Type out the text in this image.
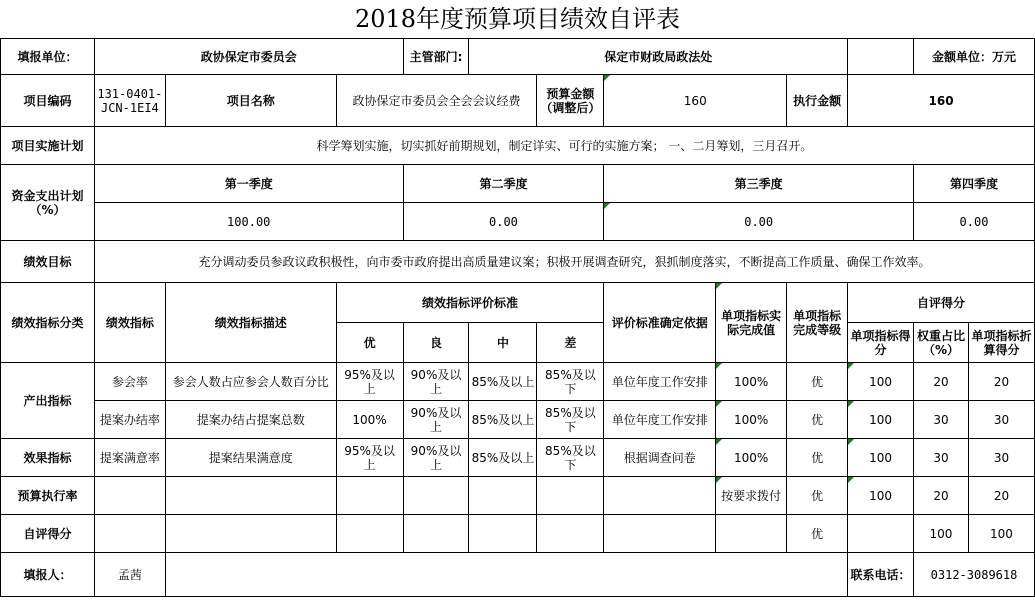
2018年度预算项目绩效自评表
填报单位：	政协保定市委员会			主管部门:	保定市财政局政法处						金额单位：万元	
项目编码	131-0401-JCN-1EI4	项目名称	政协保定市委员会全会会议经费			预算金额（调整后）	160		执行金额	160		
项目实施计划	科学筹划实施，切实抓好前期规划，制定详实、可行的实施方案； 一、二月筹划，三月召开。											
资金支出计划（%）	第一季度			第二季度			第三季度				第四季度	
	100.00			0.00			0.00				0.00	
绩效目标	充分调动委员参政议政积极性，向市委市政府提出高质量建议案；积极开展调查研究，狠抓制度落实，不断提高工作质量、确保工作效率。											
绩效指标分类	绩效指标	绩效指标描述	绩效指标评价标准				评价标准确定依据	单项指标实际完成值	单项指标完成等级	自评得分		
			优	良	中	差				单项指标得分	权重占比（%）	单项指标折算得分
产出指标	参会率	参会人数占应参会人数百分比	95%及以上	90%及以上	85%及以上	85%及以下	单位年度工作安排	100%	优	100	20	20
	提案办结率	提案办结占提案总数	100%	90%及以上	85%及以上	85%及以下	单位年度工作安排	100%	优	100	30	30
效果指标	提案满意率	提案结果满意度	95%及以上	90%及以上	85%及以上	85%及以下	根据调查问卷	100%	优	100	30	30
预算执行率								按要求拨付	优	100	20	20
自评得分									优		100	100
填报人：	孟茜									联系电话：	0312-3089618	
